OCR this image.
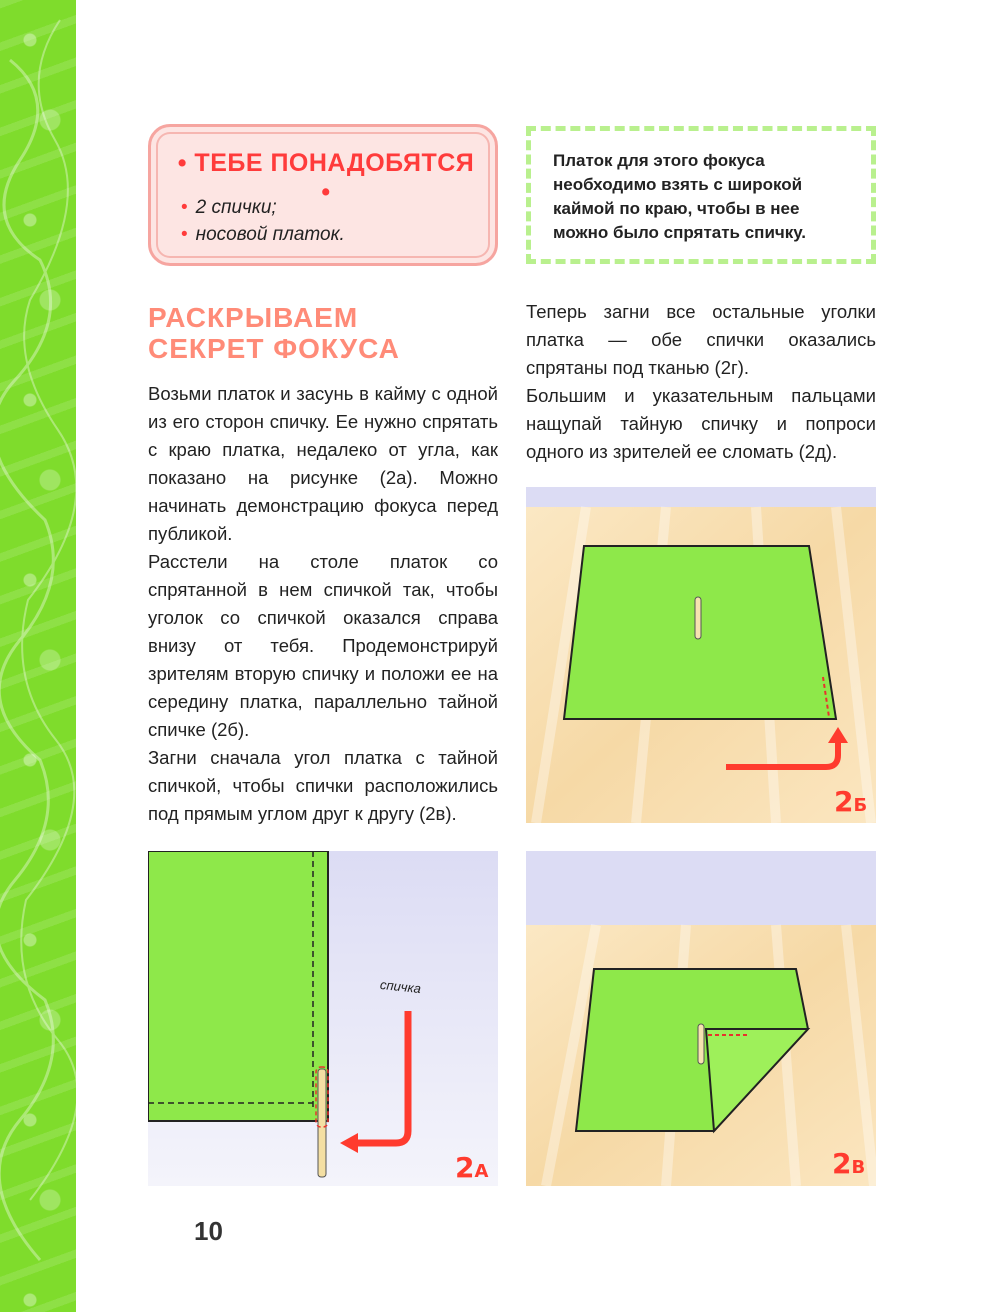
• ТЕБЕ ПОНАДОБЯТСЯ •
• 2 спички;
• носовой платок.
Платок для этого фокуса необходимо взять с широкой каймой по краю, чтобы в нее можно было спрятать спичку.
РАСКРЫВАЕМ
СЕКРЕТ ФОКУСА

Возьми платок и засунь в кайму с одной из его сторон спичку. Ее нужно спрятать с краю платка, недалеко от угла, как показано на рисунке (2а). Можно начинать демонстрацию фокуса перед публикой.

Расстели на столе платок со спрятанной в нем спичкой так, чтобы уголок со спичкой оказался справа внизу от тебя. Продемонстрируй зрителям вторую спичку и положи ее на середину платка, параллельно тайной спичке (2б).

Загни сначала угол платка с тайной спичкой, чтобы спички расположились под прямым углом друг к другу (2в).

Теперь загни все остальные уголки платка — обе спички оказались спрятаны под тканью (2г).

Большим и указательным пальцами нащупай тайную спичку и попроси одного из зрителей ее сломать (2д).

2Б
спичка
2А	2В
10
